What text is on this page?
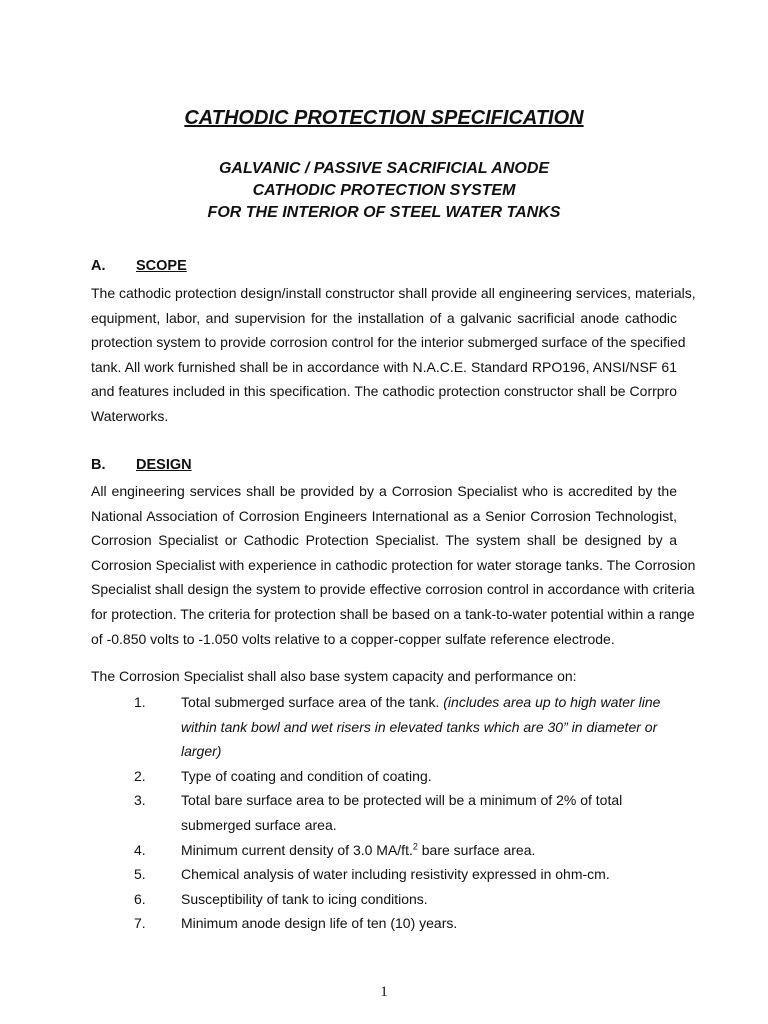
CATHODIC PROTECTION SPECIFICATION
GALVANIC / PASSIVE SACRIFICIAL ANODE
CATHODIC PROTECTION SYSTEM
FOR THE INTERIOR OF STEEL WATER TANKS
A. SCOPE
The cathodic protection design/install constructor shall provide all engineering services, materials,
equipment, labor, and supervision for the installation of a galvanic sacrificial anode cathodic
protection system to provide corrosion control for the interior submerged surface of the specified
tank. All work furnished shall be in accordance with N.A.C.E. Standard RPO196, ANSI/NSF 61
and features included in this specification. The cathodic protection constructor shall be Corrpro
Waterworks.
B. DESIGN
All engineering services shall be provided by a Corrosion Specialist who is accredited by the
National Association of Corrosion Engineers International as a Senior Corrosion Technologist,
Corrosion Specialist or Cathodic Protection Specialist. The system shall be designed by a
Corrosion Specialist with experience in cathodic protection for water storage tanks. The Corrosion
Specialist shall design the system to provide effective corrosion control in accordance with criteria
for protection. The criteria for protection shall be based on a tank-to-water potential within a range
of -0.850 volts to -1.050 volts relative to a copper-copper sulfate reference electrode.
The Corrosion Specialist shall also base system capacity and performance on:
1.	Total submerged surface area of the tank. (includes area up to high water line within tank bowl and wet risers in elevated tanks which are 30” in diameter or larger)
2.	Type of coating and condition of coating.
3.	Total bare surface area to be protected will be a minimum of 2% of total submerged surface area.
4.	Minimum current density of 3.0 MA/ft.$^2$ bare surface area.
5.	Chemical analysis of water including resistivity expressed in ohm-cm.
6.	Susceptibility of tank to icing conditions.
7.	Minimum anode design life of ten (10) years.
1
